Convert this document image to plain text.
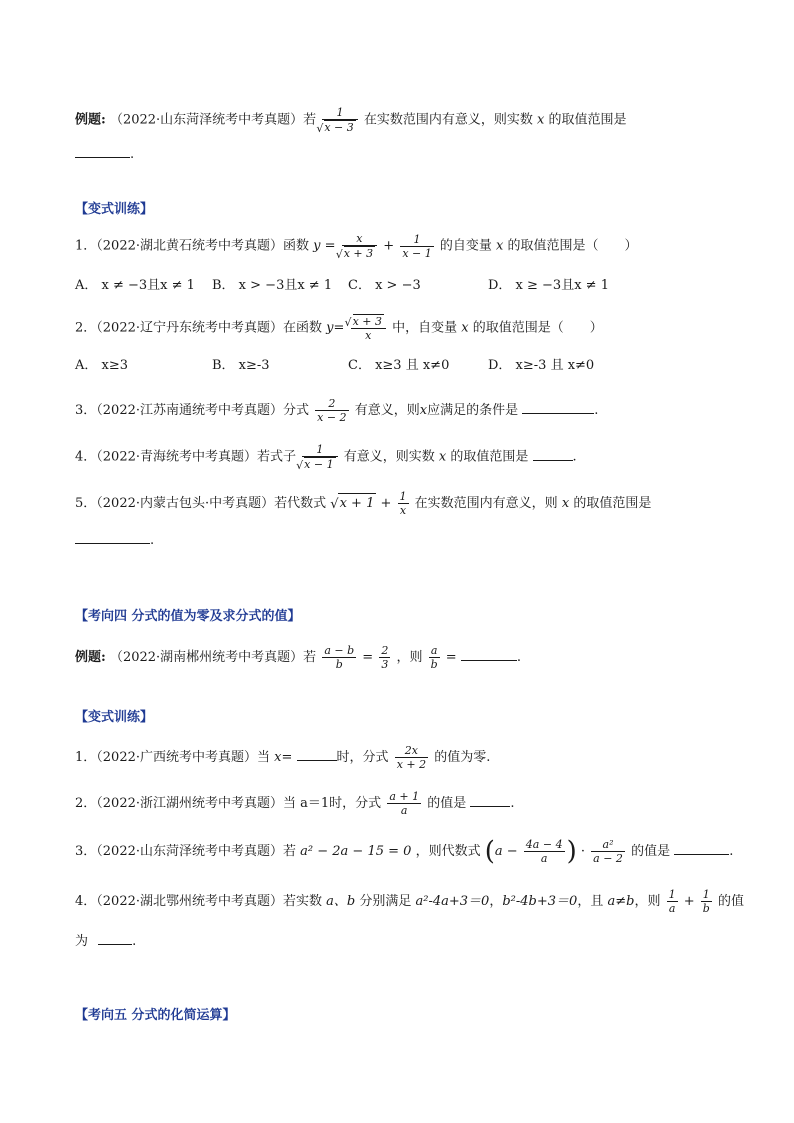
例题: （2022·山东菏泽统考中考真题）若 1
√ x − 3 在实数范围内有意义，则实数 x 的取值范围是
.
【变式训练】
1．（2022·湖北黄石统考中考真题）函数 y = x
√ $x + 3 + \frac{1}{x - 1}$ 的自变量 x 的取值范围是（　　）
A． x ≠ −3且x ≠ 1 B． x > −3且x ≠ 1 C． x > −3	D． x ≥ −3且x ≠ 1
2．（2022·辽宁丹东统考中考真题）在函数 y= √ $\frac{x + 3}{x}$ 中，自变量 x 的取值范围是（　　）
A． x≥3	B． x≥-3	C． x≥3 且 x≠0	D． x≥-3 且 x≠0
3．（2022·江苏南通统考中考真题）分式 $\frac{2}{x - 2}$ 有意义，则x应满足的条件是	.
4．（2022·青海统考中考真题）若式子 1
√ x − 1 有意义，则实数 x 的取值范围是	.
5．（2022·内蒙古包头·中考真题）若代数式 √ $x + 1 + \frac{1}{x}$ 在实数范围内有意义，则 x 的取值范围是
.
【考向四 分式的值为零及求分式的值】
例题: （2022·湖南郴州统考中考真题）若 $\frac{a - b}{b} = \frac{2}{3}$ ，则 $\frac{a}{b}$ =	.
【变式训练】
1．（2022·广西统考中考真题）当 x=	时，分式 $\frac{2x}{x + 2}$ 的值为零.
2．（2022·浙江湖州统考中考真题）当 a＝1时，分式 $\frac{a + 1}{a}$ 的值是	.
3．（2022·山东菏泽统考中考真题）若 a² − 2a − 15 = 0 ，则代数式 ($a - \frac{4a - 4}{a}$ ) · $\frac{\text{a²}}{a - 2}$ 的值是	.
4．（2022·湖北鄂州统考中考真题）若实数 a、b 分别满足 a²-4a+3＝0，b²-4b+3＝0，且 a≠b，则 $\frac{1}{a} + \frac{1}{b}$ 的值
为	.
【考向五 分式的化简运算】
